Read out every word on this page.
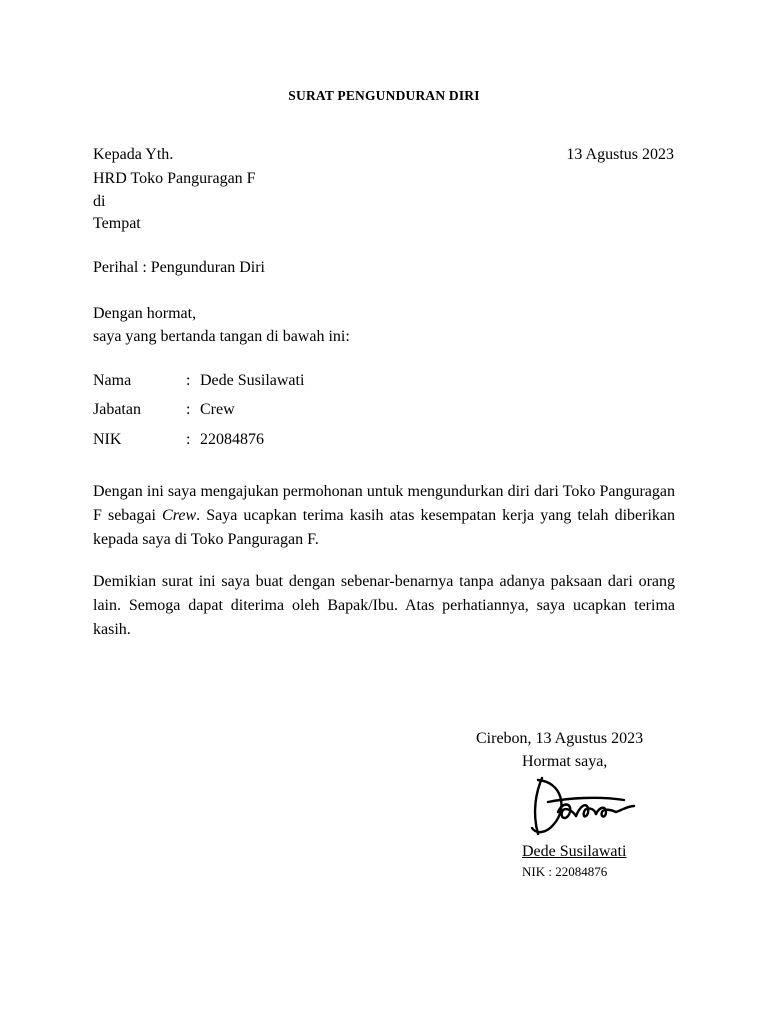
SURAT PENGUNDURAN DIRI
13 Agustus 2023
Kepada Yth.
HRD Toko Panguragan F
di
Tempat
Perihal : Pengunduran Diri
Dengan hormat,
saya yang bertanda tangan di bawah ini:
Nama	: Dede Susilawati
Jabatan	: Crew
NIK	: 22084876
Dengan ini saya mengajukan permohonan untuk mengundurkan diri dari Toko Panguragan F sebagai Crew. Saya ucapkan terima kasih atas kesempatan kerja yang telah diberikan kepada saya di Toko Panguragan F.
Demikian surat ini saya buat dengan sebenar-benarnya tanpa adanya paksaan dari orang lain. Semoga dapat diterima oleh Bapak/Ibu. Atas perhatiannya, saya ucapkan terima kasih.
Cirebon, 13 Agustus 2023
Hormat saya,
Dede Susilawati
NIK : 22084876
